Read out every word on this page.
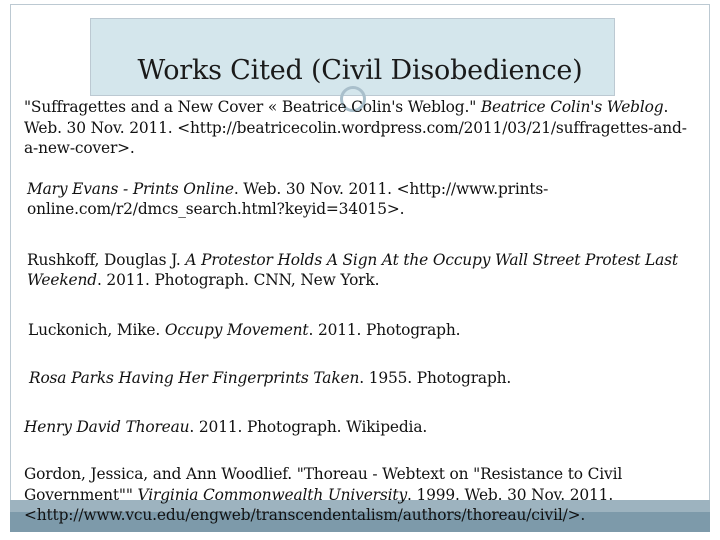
Works Cited (Civil Disobedience)

"Suffragettes and a New Cover « Beatrice Colin's Weblog." Beatrice Colin's Weblog. Web. 30 Nov. 2011. <http://beatricecolin.wordpress.com/2011/03/21/suffragettes-and-a-new-cover>.

Mary Evans - Prints Online. Web. 30 Nov. 2011. <http://www.prints-online.com/r2/dmcs_search.html?keyid=34015>.

Rushkoff, Douglas J. A Protestor Holds A Sign At the Occupy Wall Street Protest Last Weekend. 2011. Photograph. CNN, New York.

Luckonich, Mike. Occupy Movement. 2011. Photograph.

Rosa Parks Having Her Fingerprints Taken. 1955. Photograph.

Henry David Thoreau. 2011. Photograph. Wikipedia.

Gordon, Jessica, and Ann Woodlief. "Thoreau - Webtext on "Resistance to Civil Government"" Virginia Commonwealth University. 1999. Web. 30 Nov. 2011. <http://www.vcu.edu/engweb/transcendentalism/authors/thoreau/civil/>.
